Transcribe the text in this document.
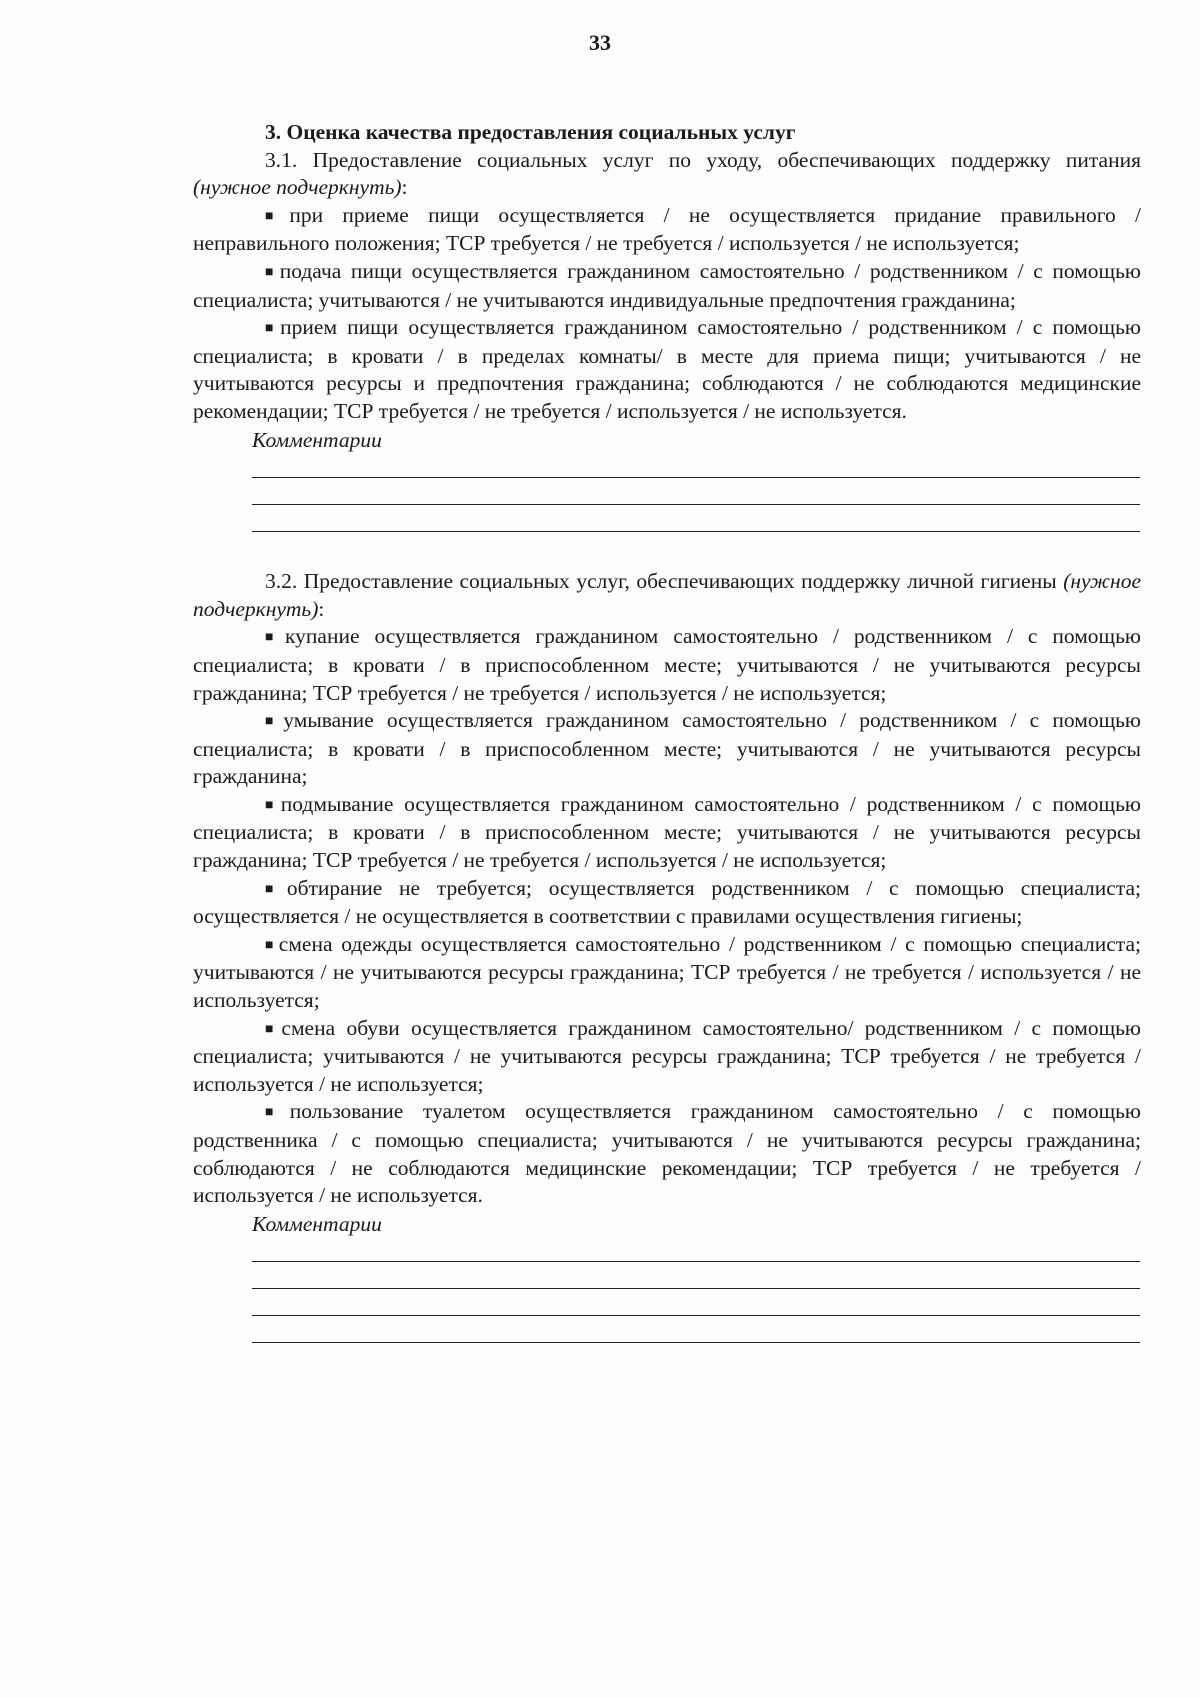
33

3. Оценка качества предоставления социальных услуг

3.1. Предоставление социальных услуг по уходу, обеспечивающих поддержку питания (нужное подчеркнуть):

■при приеме пищи осуществляется / не осуществляется придание правильного / неправильного положения; ТСР требуется / не требуется / используется / не используется;

■подача пищи осуществляется гражданином самостоятельно / родственником / с помощью специалиста; учитываются / не учитываются индивидуальные предпочтения гражданина;

■прием пищи осуществляется гражданином самостоятельно / родственником / с помощью специалиста; в кровати / в пределах комнаты/ в месте для приема пищи; учитываются / не учитываются ресурсы и предпочтения гражданина; соблюдаются / не соблюдаются медицинские рекомендации; ТСР требуется / не требуется / используется / не используется.

Комментарии

3.2. Предоставление социальных услуг, обеспечивающих поддержку личной гигиены (нужное подчеркнуть):

■купание осуществляется гражданином самостоятельно / родственником / с помощью специалиста; в кровати / в приспособленном месте; учитываются / не учитываются ресурсы гражданина; ТСР требуется / не требуется / используется / не используется;

■умывание осуществляется гражданином самостоятельно / родственником / с помощью специалиста; в кровати / в приспособленном месте; учитываются / не учитываются ресурсы гражданина;

■подмывание осуществляется гражданином самостоятельно / родственником / с помощью специалиста; в кровати / в приспособленном месте; учитываются / не учитываются ресурсы гражданина; ТСР требуется / не требуется / используется / не используется;

■обтирание не требуется; осуществляется родственником / с помощью специалиста; осуществляется / не осуществляется в соответствии с правилами осуществления гигиены;

■смена одежды осуществляется самостоятельно / родственником / с помощью специалиста; учитываются / не учитываются ресурсы гражданина; ТСР требуется / не требуется / используется / не используется;

■смена обуви осуществляется гражданином самостоятельно/ родственником / с помощью специалиста; учитываются / не учитываются ресурсы гражданина; ТСР требуется / не требуется / используется / не используется;

■пользование туалетом осуществляется гражданином самостоятельно / с помощью родственника / с помощью специалиста; учитываются / не учитываются ресурсы гражданина; соблюдаются / не соблюдаются медицинские рекомендации; ТСР требуется / не требуется / используется / не используется.

Комментарии
